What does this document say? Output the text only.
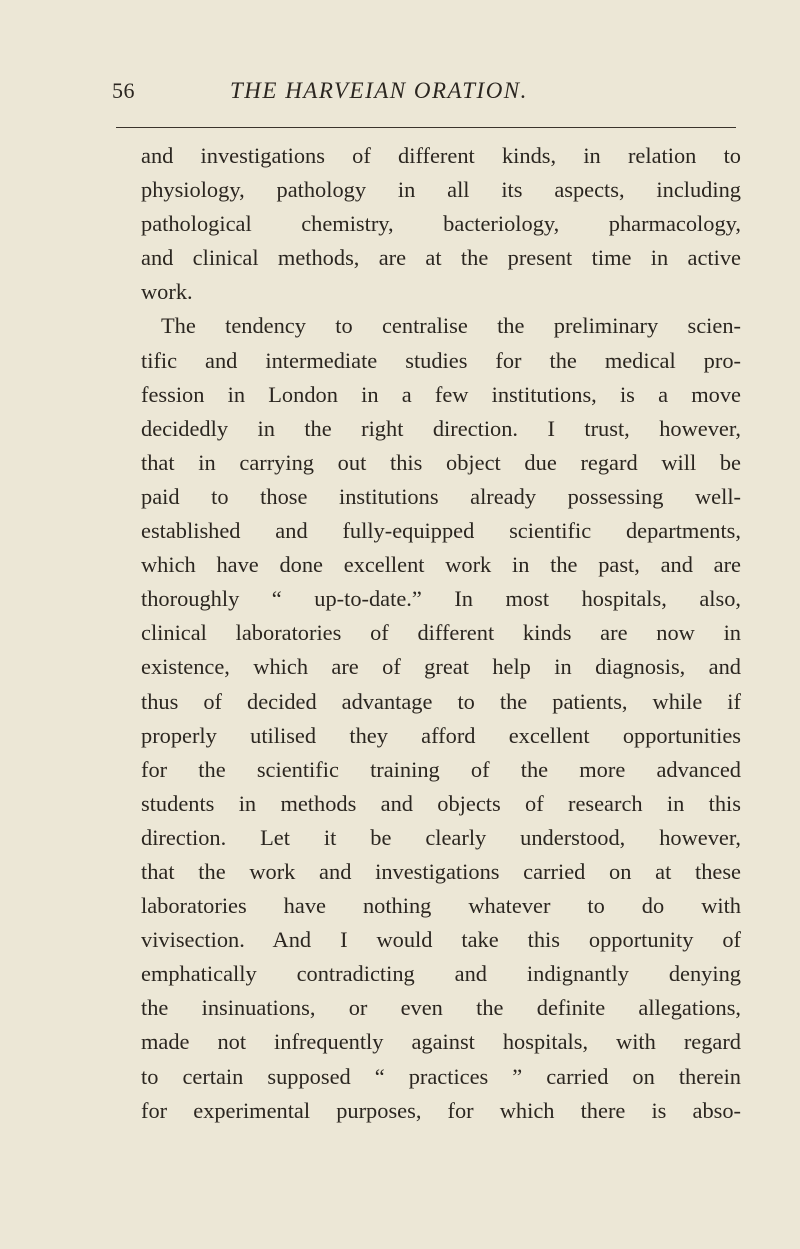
56	THE HARVEIAN ORATION.
and investigations of different kinds, in relation to
physiology, pathology in all its aspects, including
pathological chemistry, bacteriology, pharmacology,
and clinical methods, are at the present time in active
work.
The tendency to centralise the preliminary scien-
tific and intermediate studies for the medical pro-
fession in London in a few institutions, is a move
decidedly in the right direction. I trust, however,
that in carrying out this object due regard will be
paid to those institutions already possessing well-
established and fully-equipped scientific departments,
which have done excellent work in the past, and are
thoroughly “ up-to-date.” In most hospitals, also,
clinical laboratories of different kinds are now in
existence, which are of great help in diagnosis, and
thus of decided advantage to the patients, while if
properly utilised they afford excellent opportunities
for the scientific training of the more advanced
students in methods and objects of research in this
direction. Let it be clearly understood, however,
that the work and investigations carried on at these
laboratories have nothing whatever to do with
vivisection. And I would take this opportunity of
emphatically contradicting and indignantly denying
the insinuations, or even the definite allegations,
made not infrequently against hospitals, with regard
to certain supposed “ practices ” carried on therein
for experimental purposes, for which there is abso-
